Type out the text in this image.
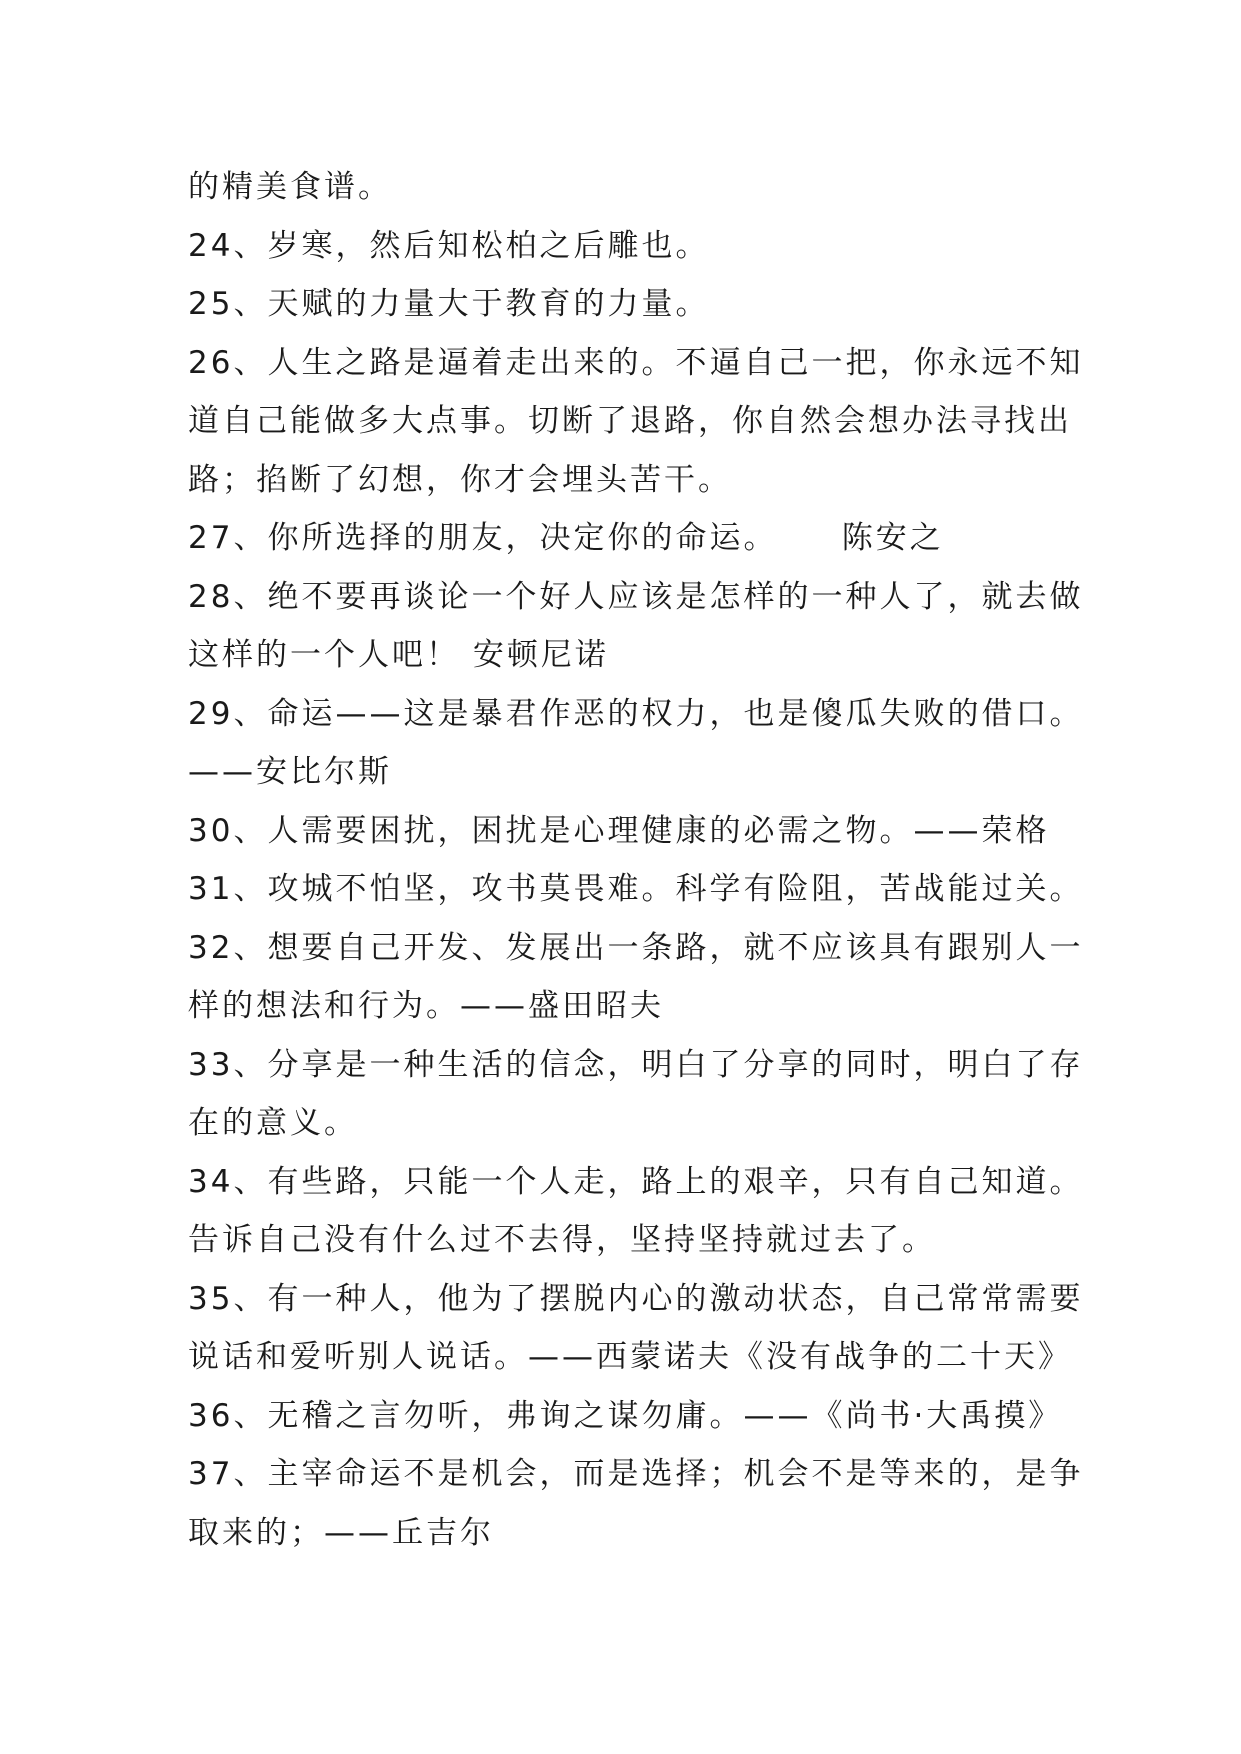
的精美食谱。
24、岁寒，然后知松柏之后雕也。
25、天赋的力量大于教育的力量。
26、人生之路是逼着走出来的。不逼自己一把，你永远不知
道自己能做多大点事。切断了退路，你自然会想办法寻找出
路；掐断了幻想，你才会埋头苦干。
27、你所选择的朋友，决定你的命运。     陈安之
28、绝不要再谈论一个好人应该是怎样的一种人了，就去做
这样的一个人吧！ 安顿尼诺
29、命运——这是暴君作恶的权力，也是傻瓜失败的借口。
——安比尔斯
30、人需要困扰，困扰是心理健康的必需之物。——荣格
31、攻城不怕坚，攻书莫畏难。科学有险阻，苦战能过关。
32、想要自己开发、发展出一条路，就不应该具有跟别人一
样的想法和行为。——盛田昭夫
33、分享是一种生活的信念，明白了分享的同时，明白了存
在的意义。
34、有些路，只能一个人走，路上的艰辛，只有自己知道。
告诉自己没有什么过不去得，坚持坚持就过去了。
35、有一种人，他为了摆脱内心的激动状态，自己常常需要
说话和爱听别人说话。——西蒙诺夫《没有战争的二十天》
36、无稽之言勿听，弗询之谋勿庸。——《尚书·大禹摸》
37、主宰命运不是机会，而是选择；机会不是等来的，是争
取来的；——丘吉尔
